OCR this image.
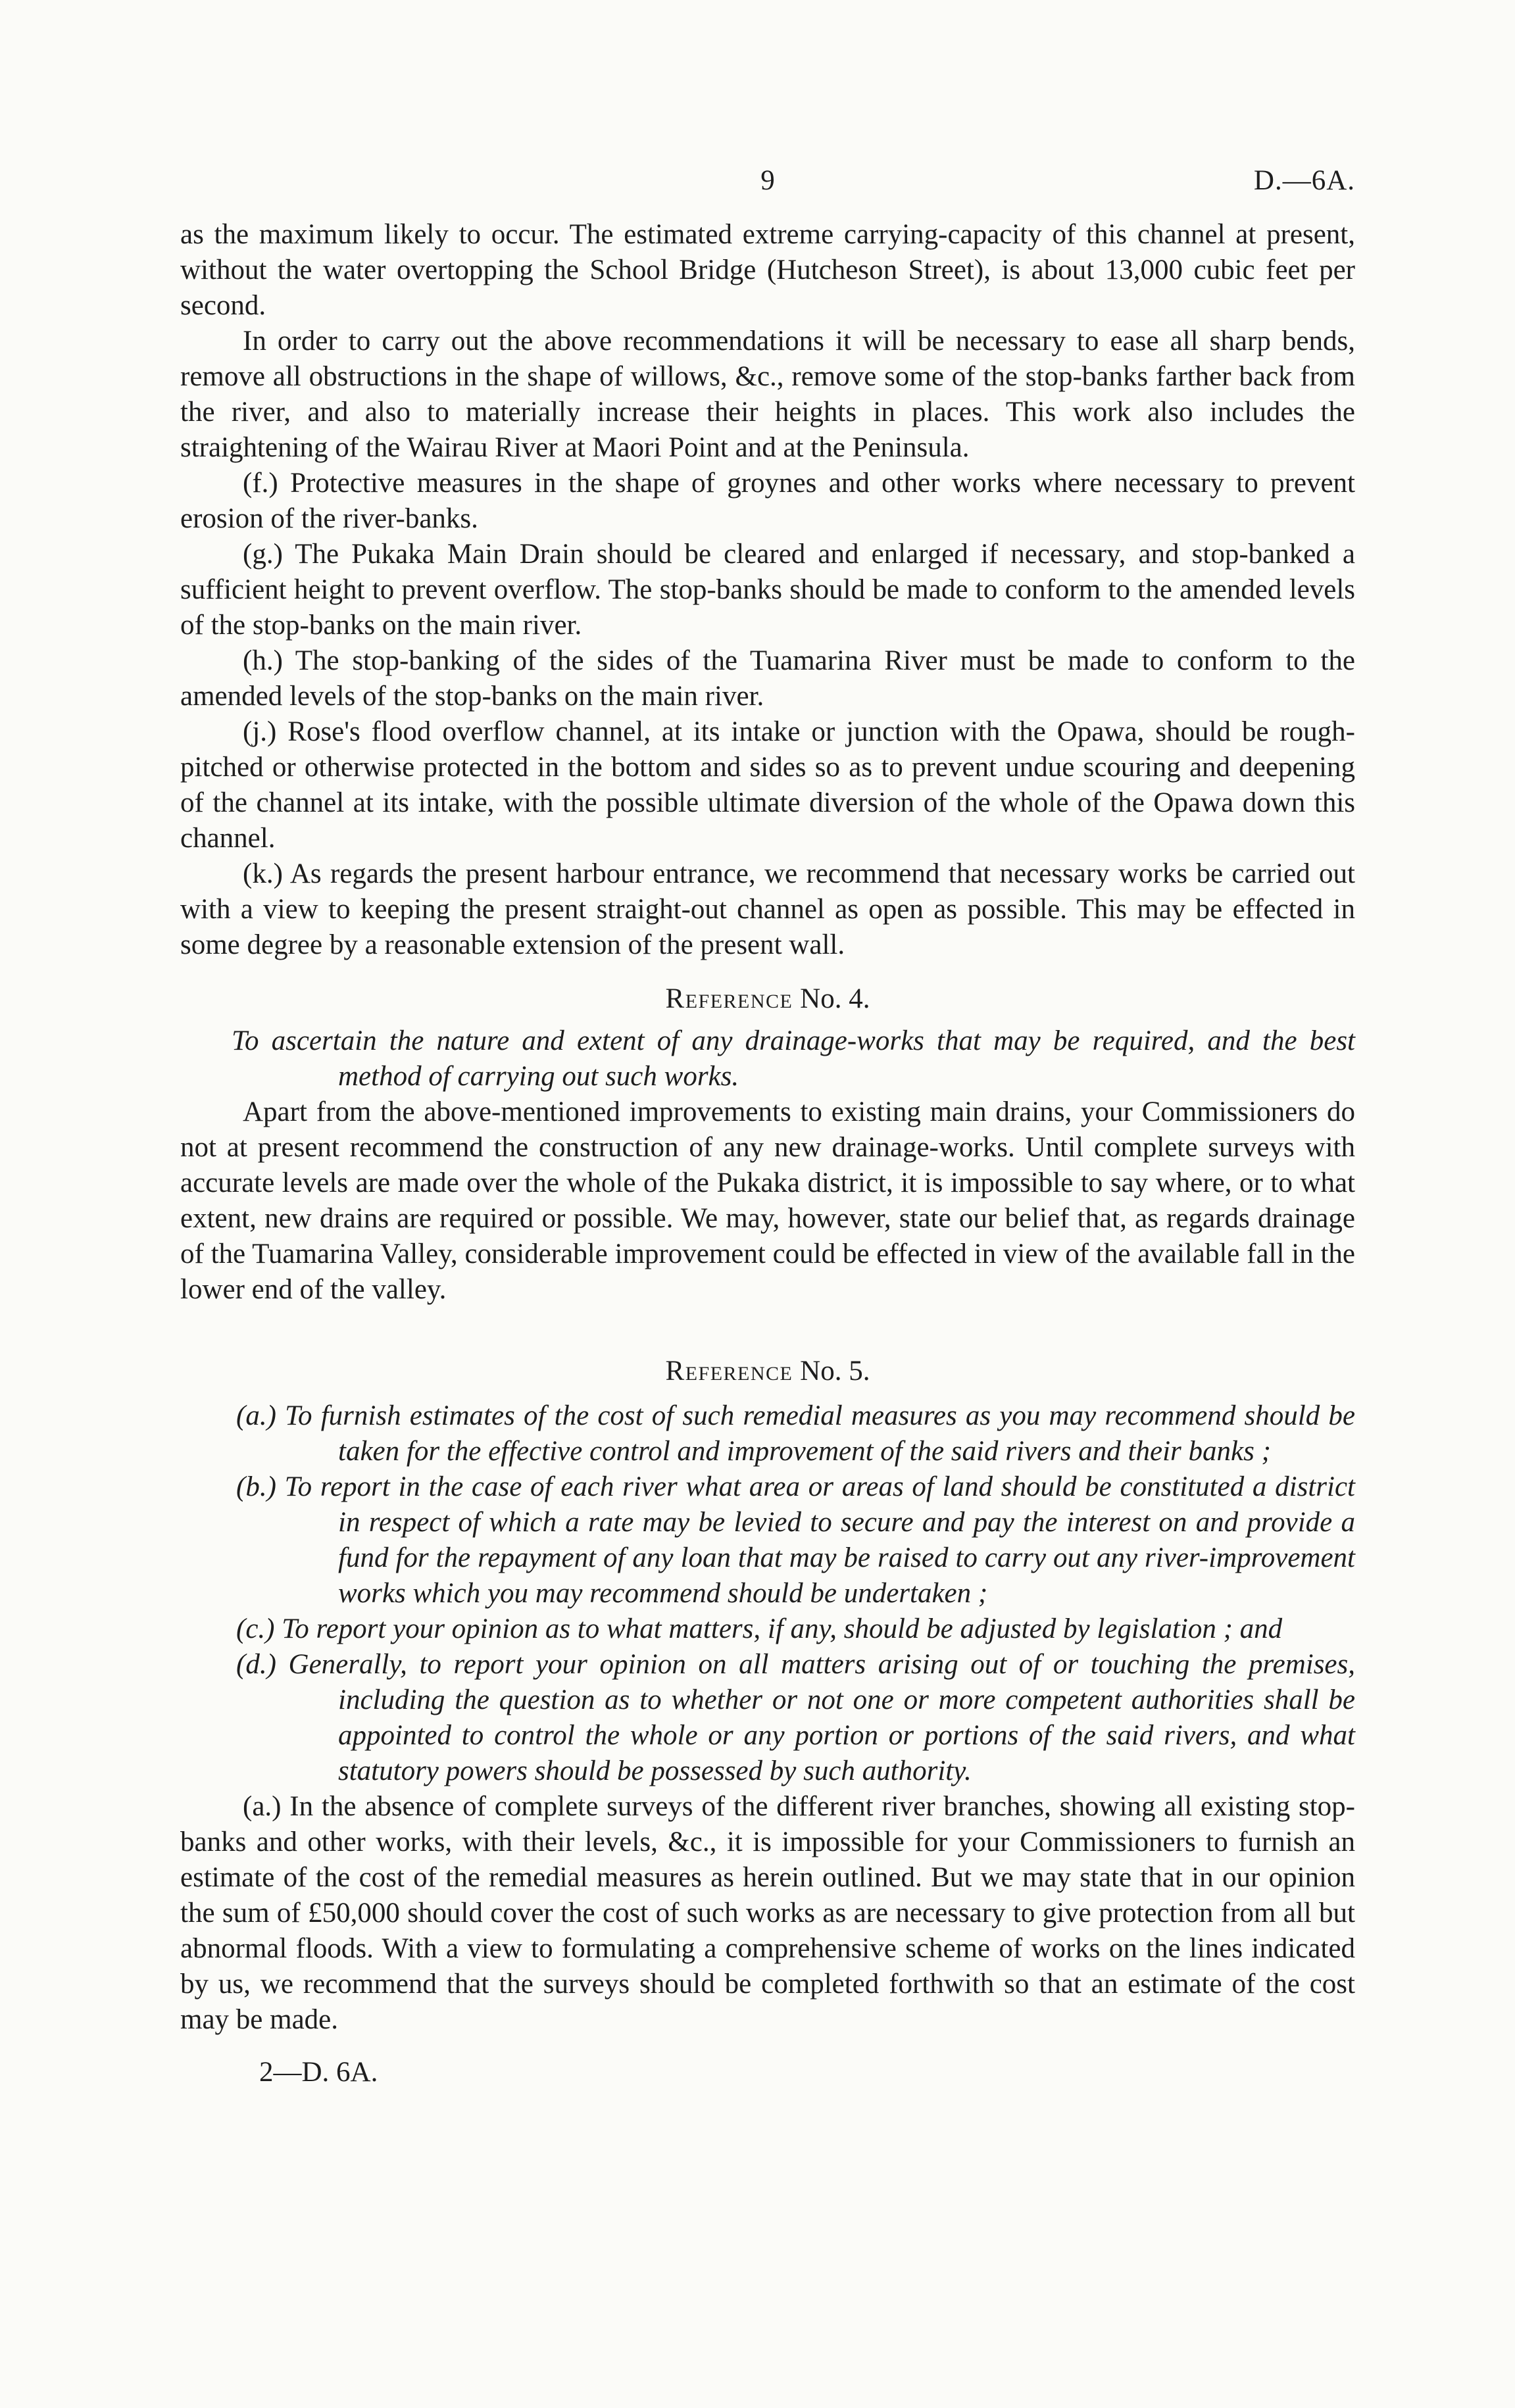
9	D.—6A.

as the maximum likely to occur. The estimated extreme carrying-capacity of this channel at present, without the water overtopping the School Bridge (Hutcheson Street), is about 13,000 cubic feet per second.

In order to carry out the above recommendations it will be necessary to ease all sharp bends, remove all obstructions in the shape of willows, &c., remove some of the stop-banks farther back from the river, and also to materially increase their heights in places. This work also includes the straightening of the Wairau River at Maori Point and at the Peninsula.

(f.) Protective measures in the shape of groynes and other works where necessary to prevent erosion of the river-banks.

(g.) The Pukaka Main Drain should be cleared and enlarged if necessary, and stop-banked a sufficient height to prevent overflow. The stop-banks should be made to conform to the amended levels of the stop-banks on the main river.

(h.) The stop-banking of the sides of the Tuamarina River must be made to conform to the amended levels of the stop-banks on the main river.

(j.) Rose's flood overflow channel, at its intake or junction with the Opawa, should be rough-pitched or otherwise protected in the bottom and sides so as to prevent undue scouring and deepening of the channel at its intake, with the possible ultimate diversion of the whole of the Opawa down this channel.

(k.) As regards the present harbour entrance, we recommend that necessary works be carried out with a view to keeping the present straight-out channel as open as possible. This may be effected in some degree by a reasonable extension of the present wall.

Reference No. 4.

To ascertain the nature and extent of any drainage-works that may be required, and the best method of carrying out such works.

Apart from the above-mentioned improvements to existing main drains, your Commissioners do not at present recommend the construction of any new drainage-works. Until complete surveys with accurate levels are made over the whole of the Pukaka district, it is impossible to say where, or to what extent, new drains are required or possible. We may, however, state our belief that, as regards drainage of the Tuamarina Valley, considerable improvement could be effected in view of the available fall in the lower end of the valley.

Reference No. 5.

(a.) To furnish estimates of the cost of such remedial measures as you may recommend should be taken for the effective control and improvement of the said rivers and their banks ;

(b.) To report in the case of each river what area or areas of land should be constituted a district in respect of which a rate may be levied to secure and pay the interest on and provide a fund for the repayment of any loan that may be raised to carry out any river-improvement works which you may recommend should be undertaken ;

(c.) To report your opinion as to what matters, if any, should be adjusted by legislation ; and

(d.) Generally, to report your opinion on all matters arising out of or touching the premises, including the question as to whether or not one or more competent authorities shall be appointed to control the whole or any portion or portions of the said rivers, and what statutory powers should be possessed by such authority.

(a.) In the absence of complete surveys of the different river branches, showing all existing stop-banks and other works, with their levels, &c., it is impossible for your Commissioners to furnish an estimate of the cost of the remedial measures as herein outlined. But we may state that in our opinion the sum of £50,000 should cover the cost of such works as are necessary to give protection from all but abnormal floods. With a view to formulating a comprehensive scheme of works on the lines indicated by us, we recommend that the surveys should be completed forthwith so that an estimate of the cost may be made.

2—D. 6A.
